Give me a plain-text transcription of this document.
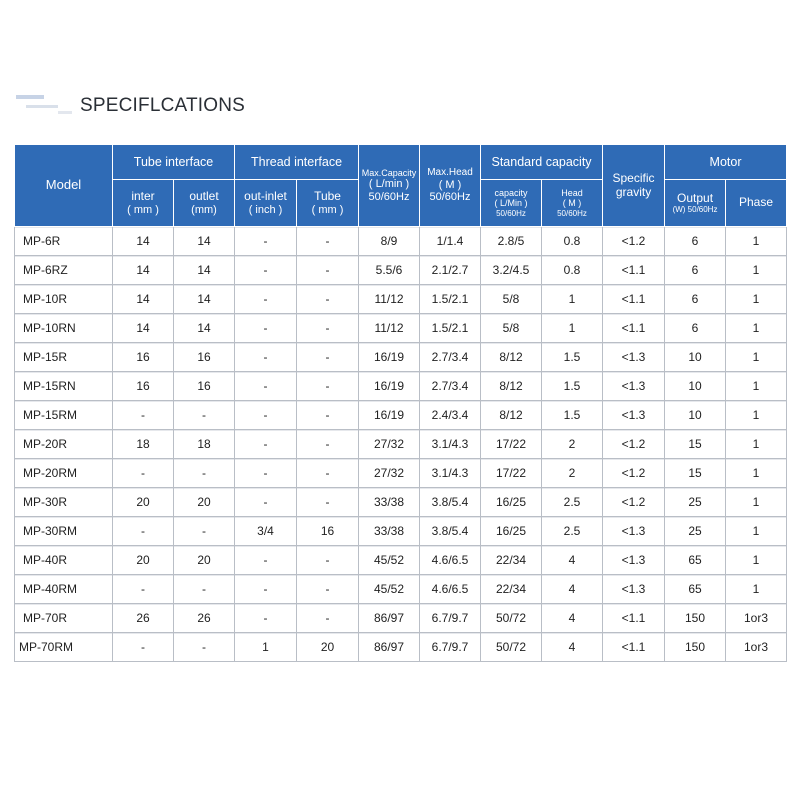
SPECIFLCATIONS
Model	Tube interface		Thread interface		Max.Capacity
( L/min )
50/60Hz	Max.Head
( M )
50/60Hz	Standard capacity		Specific
gravity	Motor	

	inter
( mm )	outlet
(mm)	out-inlet
( inch )	Tube
( mm )			capacity
( L/Min )
50/60Hz	Head
( M )
50/60Hz		Output
(W) 50/60Hz	Phase

MP-6R	14	14	-	-	8/9	1/1.4	2.8/5	0.8	<1.2	6	1
MP-6RZ	14	14	-	-	5.5/6	2.1/2.7	3.2/4.5	0.8	<1.1	6	1
MP-10R	14	14	-	-	11/12	1.5/2.1	5/8	1	<1.1	6	1
MP-10RN	14	14	-	-	11/12	1.5/2.1	5/8	1	<1.1	6	1
MP-15R	16	16	-	-	16/19	2.7/3.4	8/12	1.5	<1.3	10	1
MP-15RN	16	16	-	-	16/19	2.7/3.4	8/12	1.5	<1.3	10	1
MP-15RM	-	-	-	-	16/19	2.4/3.4	8/12	1.5	<1.3	10	1
MP-20R	18	18	-	-	27/32	3.1/4.3	17/22	2	<1.2	15	1
MP-20RM	-	-	-	-	27/32	3.1/4.3	17/22	2	<1.2	15	1
MP-30R	20	20	-	-	33/38	3.8/5.4	16/25	2.5	<1.2	25	1
MP-30RM	-	-	3/4	16	33/38	3.8/5.4	16/25	2.5	<1.3	25	1
MP-40R	20	20	-	-	45/52	4.6/6.5	22/34	4	<1.3	65	1
MP-40RM	-	-	-	-	45/52	4.6/6.5	22/34	4	<1.3	65	1
MP-70R	26	26	-	-	86/97	6.7/9.7	50/72	4	<1.1	150	1or3
MP-70RM	-	-	1	20	86/97	6.7/9.7	50/72	4	<1.1	150	1or3
